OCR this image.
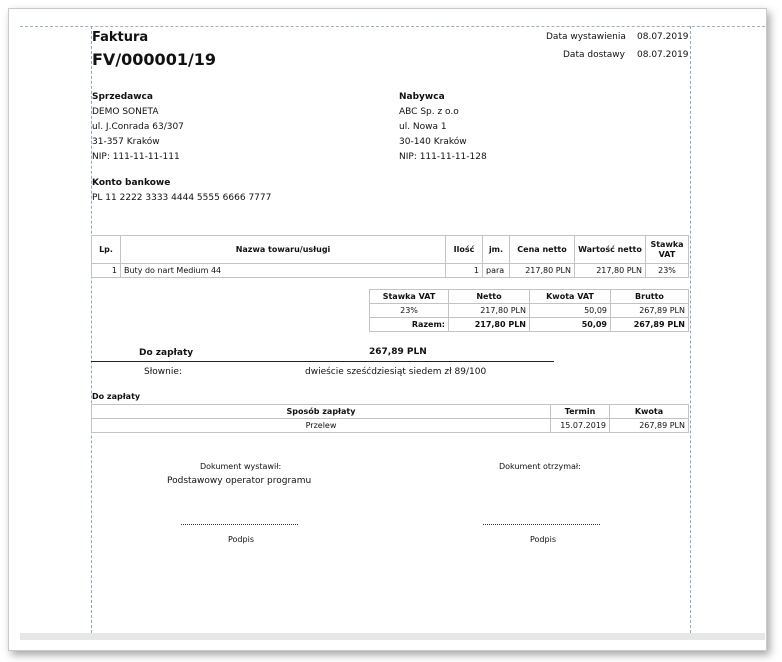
Faktura
FV/000001/19
Data wystawienia 08.07.2019
Data dostawy 08.07.2019
Sprzedawca
DEMO SONETA
ul. J.Conrada 63/307
31-357 Kraków
NIP: 111-11-11-111
Nabywca
ABC Sp. z o.o
ul. Nowa 1
30-140 Kraków
NIP: 111-11-11-128
Konto bankowe
PL 11 2222 3333 4444 5555 6666 7777
Lp.	Nazwa towaru/usługi	Ilość	jm.	Cena netto	Wartość netto	Stawka
VAT

1	Buty do nart Medium 44	1	para	217,80 PLN	217,80 PLN	23%
Stawka VAT	Netto	Kwota VAT	Brutto
23%	217,80 PLN	50,09	267,89 PLN
Razem:	217,80 PLN	50,09	267,89 PLN
Do zapłaty	267,89 PLN
Słownie:	dwieście sześćdziesiąt siedem zł 89/100
Do zapłaty
Sposób zapłaty	Termin	Kwota
Przelew	15.07.2019	267,89 PLN
Dokument wystawił:
Podstawowy operator programu
Dokument otrzymał:
Podpis	Podpis
